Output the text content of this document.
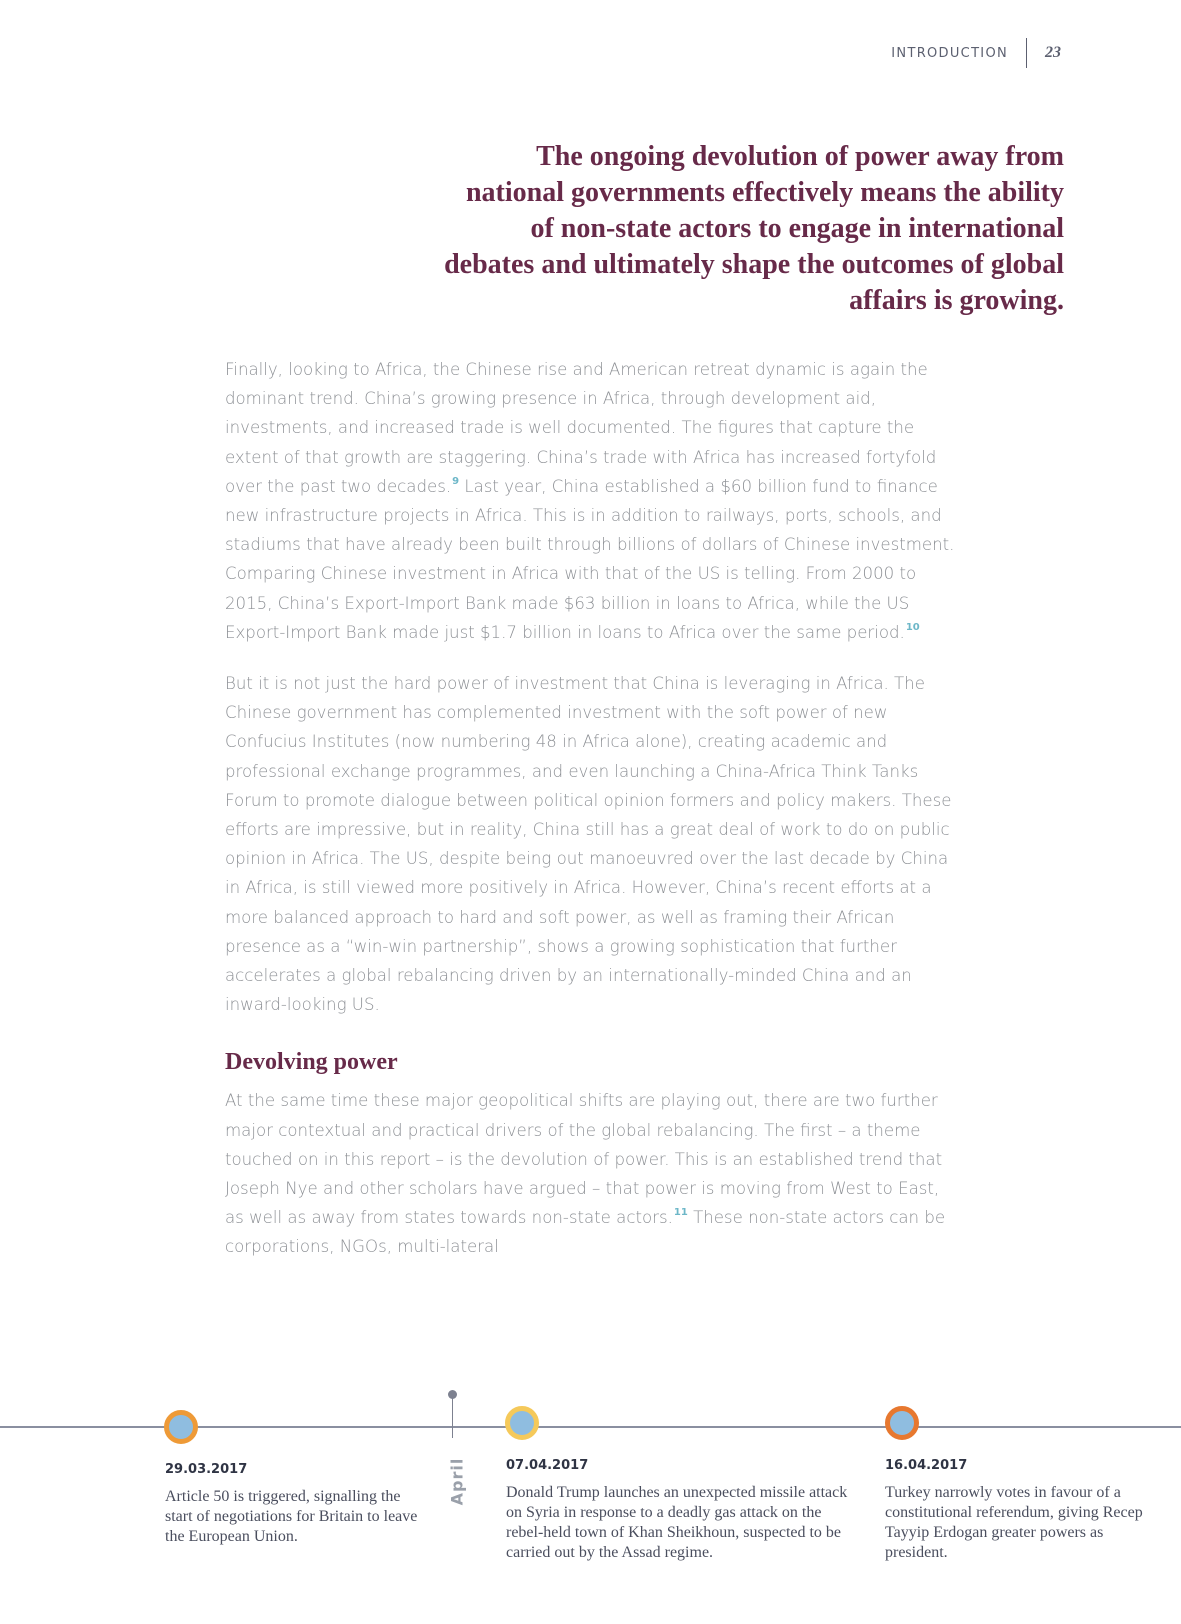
INTRODUCTION	23

The ongoing devolution of power away from national governments effectively means the ability of non-state actors to engage in international debates and ultimately shape the outcomes of global affairs is growing.

Finally, looking to Africa, the Chinese rise and American retreat dynamic is again the dominant trend. China’s growing presence in Africa, through development aid, investments, and increased trade is well documented. The figures that capture the extent of that growth are staggering. China’s trade with Africa has increased fortyfold over the past two decades.$^9$ Last year, China established a $60 billion fund to finance new infrastructure projects in Africa. This is in addition to railways, ports, schools, and stadiums that have already been built through billions of dollars of Chinese investment. Comparing Chinese investment in Africa with that of the US is telling. From 2000 to 2015, China’s Export-Import Bank made $63 billion in loans to Africa, while the US Export-Import Bank made just $1.7 billion in loans to Africa over the same period.$^{10}$

But it is not just the hard power of investment that China is leveraging in Africa. The Chinese government has complemented investment with the soft power of new Confucius Institutes (now numbering 48 in Africa alone), creating academic and professional exchange programmes, and even launching a China-Africa Think Tanks Forum to promote dialogue between political opinion formers and policy makers. These efforts are impressive, but in reality, China still has a great deal of work to do on public opinion in Africa. The US, despite being out manoeuvred over the last decade by China in Africa, is still viewed more positively in Africa. However, China’s recent efforts at a more balanced approach to hard and soft power, as well as framing their African presence as a “win-win partnership”, shows a growing sophistication that further accelerates a global rebalancing driven by an internationally-minded China and an inward-looking US.

Devolving power

At the same time these major geopolitical shifts are playing out, there are two further major contextual and practical drivers of the global rebalancing. The first – a theme touched on in this report – is the devolution of power. This is an established trend that Joseph Nye and other scholars have argued – that power is moving from West to East, as well as away from states towards non-state actors.$^{11}$ These non-state actors can be corporations, NGOs, multi-lateral

April
29.03.2017
Article 50 is triggered, signalling the start of negotiations for Britain to leave the European Union.
07.04.2017
Donald Trump launches an unexpected missile attack on Syria in response to a deadly gas attack on the rebel-held town of Khan Sheikhoun, suspected to be carried out by the Assad regime.
16.04.2017
Turkey narrowly votes in favour of a constitutional referendum, giving Recep Tayyip Erdogan greater powers as president.
